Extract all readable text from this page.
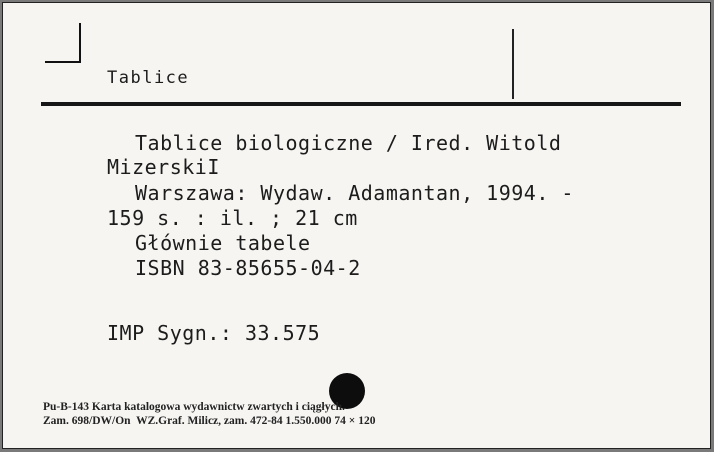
Tablice
Tablice biologiczne / Ired. Witold
MizerskiI
Warszawa: Wydaw. Adamantan, 1994. -
159 s. : il. ; 21 cm
Głównie tabele
ISBN 83-85655-04-2
IMP Sygn.: 33.575
Pu-B-143 Karta katalogowa wydawnictw zwartych i ciągłych.
Zam. 698/DW/On  WZ.Graf. Milicz, zam. 472-84 1.550.000 74 × 120
